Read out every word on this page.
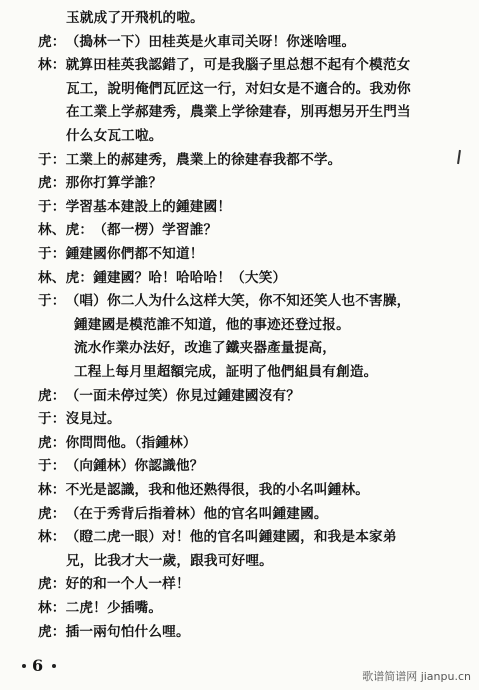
玉就成了开飛机的啦。
虎：（搗林一下）田桂英是火車司关呀！你迷啥哩。
林：就算田桂英我認錯了，可是我腦子里总想不起有个模范女
瓦工，說明俺們瓦匠这一行，对妇女是不適合的。我劝你
在工業上学郝建秀，農業上学徐建春，別再想另开生門当
什么女瓦工啦。
于：工業上的郝建秀，農業上的徐建春我都不学。
虎：那你打算学誰？
于：学習基本建設上的鍾建國！
林、虎：（都一楞）学習誰？
于：鍾建國你們都不知道！
林、虎：鍾建國？哈！哈哈哈！（大笑）
于：（唱）你二人为什么这样大笑，你不知还笑人也不害臊，
鍾建國是模范誰不知道，他的事迹还登过报。
流水作業办法好，改進了鐵夹器產量提高，
工程上每月里超額完成，証明了他們組員有創造。
虎：（一面未停过笑）你見过鍾建國沒有？
于：沒見过。
虎：你問問他。（指鍾林）
于：（向鍾林）你認識他？
林：不光是認識，我和他还熟得很，我的小名叫鍾林。
虎：（在于秀背后指着林）他的官名叫鍾建國。
林：（瞪二虎一眼）对！他的官名叫鍾建國，和我是本家弟
兄，比我才大一歲，跟我可好哩。
虎：好的和一个人一样！
林：二虎！少插嘴。
虎：插一兩句怕什么哩。
6
歌谱简谱网 jianpu.cn
